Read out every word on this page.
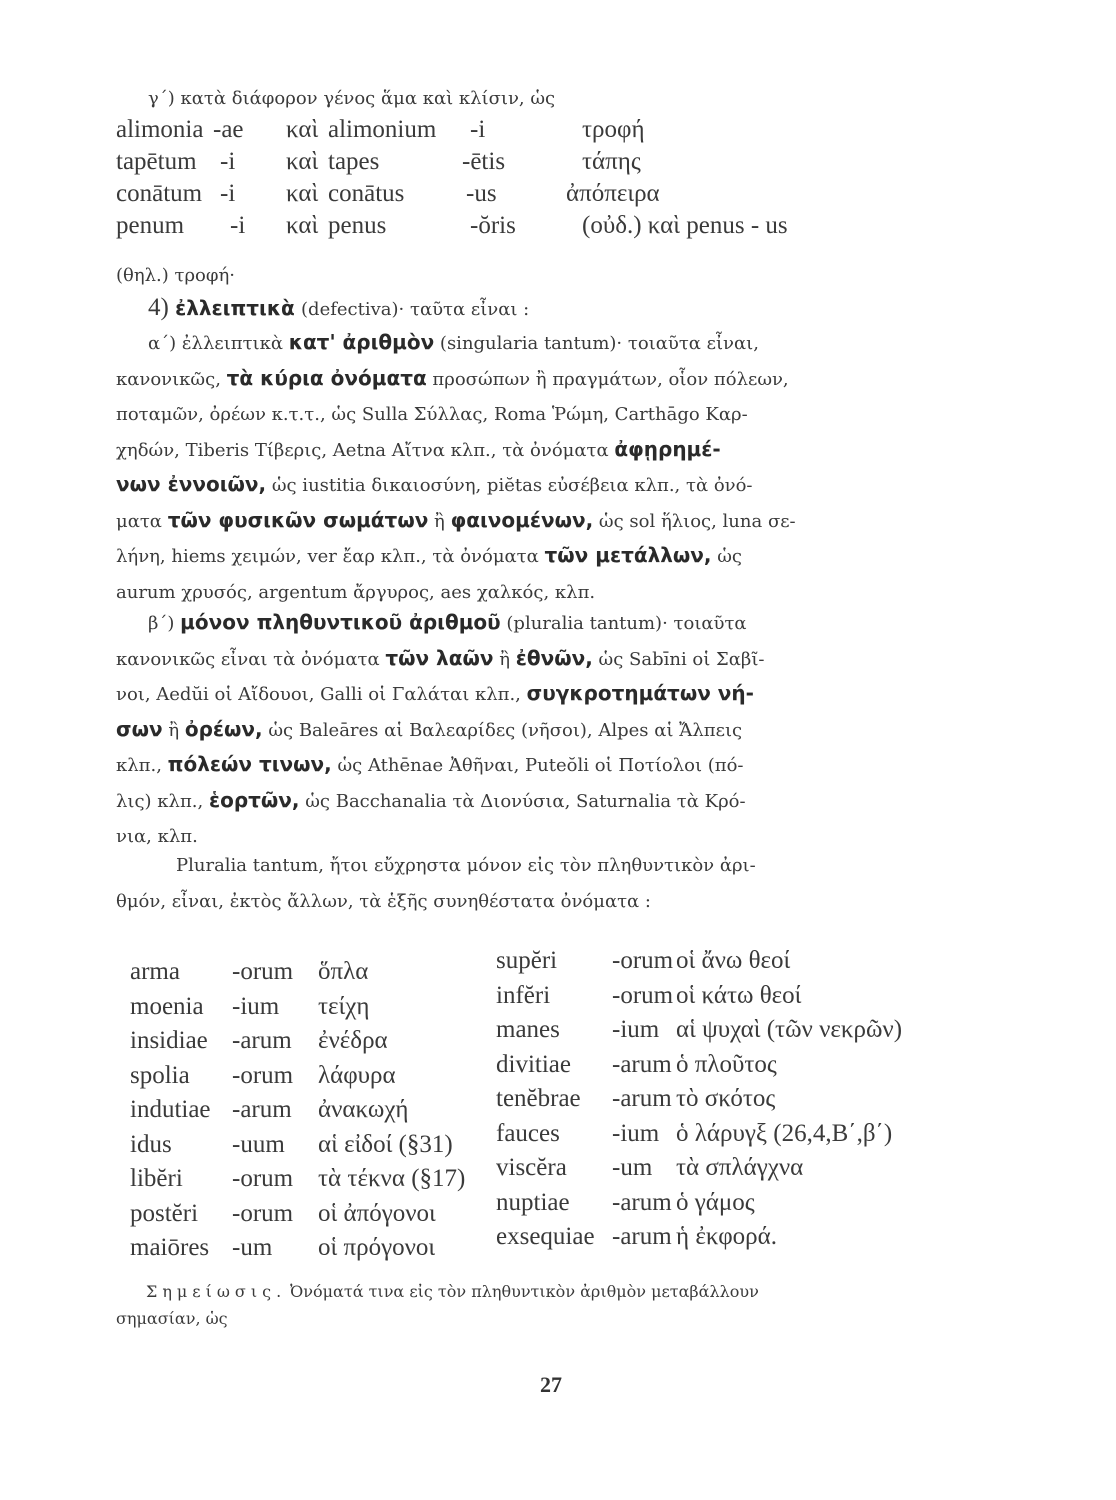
γ΄) κατὰ διάφορον γένος ἅμα καὶ κλίσιν, ὡς
alimonia -ae καὶ alimonium -i	τροφή
tapētum -i καὶ tapes	-ētis	τάπης
conātum -i καὶ conātus -us	ἀπόπειρα
penum -i καὶ penus	-ŏris	(οὐδ.) καὶ penus - us
(θηλ.) τροφή·
4) ἐλλειπτικὰ (defectiva)· ταῦτα εἶναι :
α΄) ἐλλειπτικὰ κατ' ἀριθμὸν (singularia tantum)· τοιαῦτα εἶναι,
κανονικῶς, τὰ κύρια ὀνόματα προσώπων ἢ πραγμάτων, οἷον πόλεων,
ποταμῶν, ὀρέων κ.τ.τ., ὡς Sulla Σύλλας, Roma Ῥώμη, Carthāgo Καρ-
χηδών, Tiberis Τίβερις, Aetna Αἴτνα κλπ., τὰ ὀνόματα ἀφῃρημέ-
νων ἐννοιῶν, ὡς iustitia δικαιοσύνη, piĕtas εὐσέβεια κλπ., τὰ ὀνό-
ματα τῶν φυσικῶν σωμάτων ἢ φαινομένων, ὡς sol ἥλιος, luna σε-
λήνη, hiems χειμών, ver ἔαρ κλπ., τὰ ὀνόματα τῶν μετάλλων, ὡς
aurum χρυσός, argentum ἄργυρος, aes χαλκός, κλπ.
β΄) μόνον πληθυντικοῦ ἀριθμοῦ (pluralia tantum)· τοιαῦτα
κανονικῶς εἶναι τὰ ὀνόματα τῶν λαῶν ἢ ἐθνῶν, ὡς Sabīni οἱ Σαβῖ-
νοι, Aedŭi οἱ Αἴδουοι, Galli οἱ Γαλάται κλπ., συγκροτημάτων νή-
σων ἢ ὀρέων, ὡς Baleāres αἱ Βαλεαρίδες (νῆσοι), Alpes αἱ Ἄλπεις
κλπ., πόλεών τινων, ὡς Athēnae Ἀθῆναι, Puteŏli οἱ Ποτίολοι (πό-
λις) κλπ., ἑορτῶν, ὡς Bacchanalia τὰ Διονύσια, Saturnalia τὰ Κρό-
νια, κλπ.
Pluralia tantum, ἤτοι εὔχρηστα μόνον εἰς τὸν πληθυντικὸν ἀρι-
θμόν, εἶναι, ἐκτὸς ἄλλων, τὰ ἑξῆς συνηθέστατα ὀνόματα :
arma -orum ὅπλα
moenia -ium τείχη
insidiae -arum ἐνέδρα
spolia -orum λάφυρα
indutiae -arum ἀνακωχή
idus -uum αἱ εἰδοί (§31)
libĕri -orum τὰ τέκνα (§17)
postĕri -orum οἱ ἀπόγονοι
maiōres -um οἱ πρόγονοι
supĕri -orum οἱ ἄνω θεοί
infĕri -orum οἱ κάτω θεοί
manes -ium αἱ ψυχαὶ (τῶν νεκρῶν)
divitiae -arum ὁ πλοῦτος
tenĕbrae -arum τὸ σκότος
fauces -ium ὁ λάρυγξ (26,4,Β΄,β΄)
viscĕra -um τὰ σπλάγχνα
nuptiae -arum ὁ γάμος
exsequiae -arum ἡ ἐκφορά.
Σημείωσις. Ὀνόματά τινα εἰς τὸν πληθυντικὸν ἀριθμὸν μεταβάλλουν
σημασίαν, ὡς
27
